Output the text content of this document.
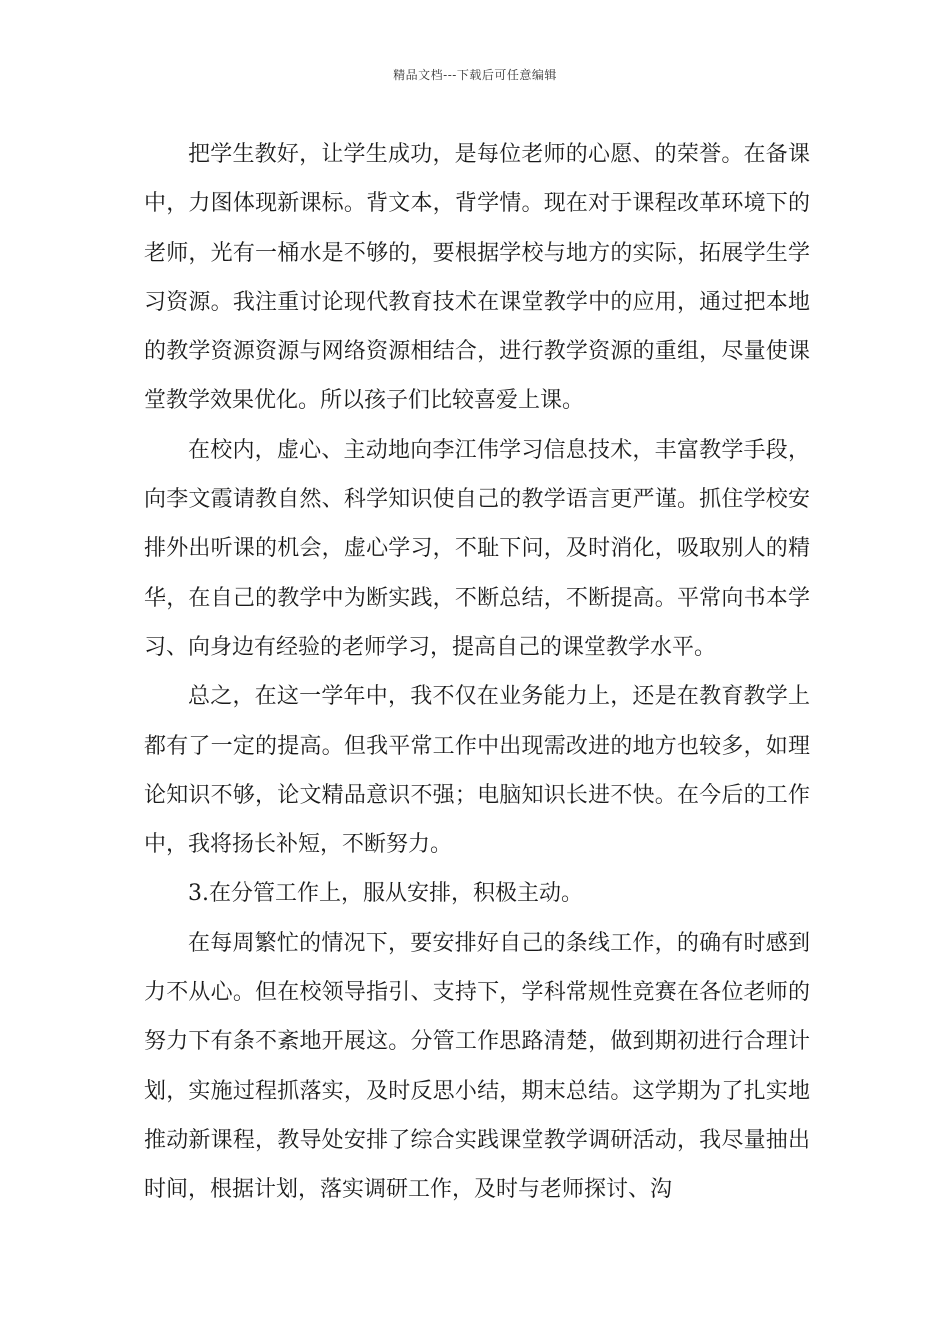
精品文档---下载后可任意编辑

把学生教好，让学生成功，是每位老师的心愿、的荣誉。在备课中，力图体现新课标。背文本，背学情。现在对于课程改革环境下的老师，光有一桶水是不够的，要根据学校与地方的实际，拓展学生学习资源。我注重讨论现代教育技术在课堂教学中的应用，通过把本地的教学资源资源与网络资源相结合，进行教学资源的重组，尽量使课堂教学效果优化。所以孩子们比较喜爱上课。

在校内，虚心、主动地向李江伟学习信息技术，丰富教学手段，向李文霞请教自然、科学知识使自己的教学语言更严谨。抓住学校安排外出听课的机会，虚心学习，不耻下问，及时消化，吸取别人的精华，在自己的教学中为断实践，不断总结，不断提高。平常向书本学习、向身边有经验的老师学习，提高自己的课堂教学水平。

总之，在这一学年中，我不仅在业务能力上，还是在教育教学上都有了一定的提高。但我平常工作中出现需改进的地方也较多，如理论知识不够，论文精品意识不强；电脑知识长进不快。在今后的工作中，我将扬长补短，不断努力。

3.在分管工作上，服从安排，积极主动。

在每周繁忙的情况下，要安排好自己的条线工作，的确有时感到力不从心。但在校领导指引、支持下，学科常规性竞赛在各位老师的努力下有条不紊地开展这。分管工作思路清楚，做到期初进行合理计划，实施过程抓落实，及时反思小结，期末总结。这学期为了扎实地推动新课程，教导处安排了综合实践课堂教学调研活动，我尽量抽出时间，根据计划，落实调研工作，及时与老师探讨、沟
